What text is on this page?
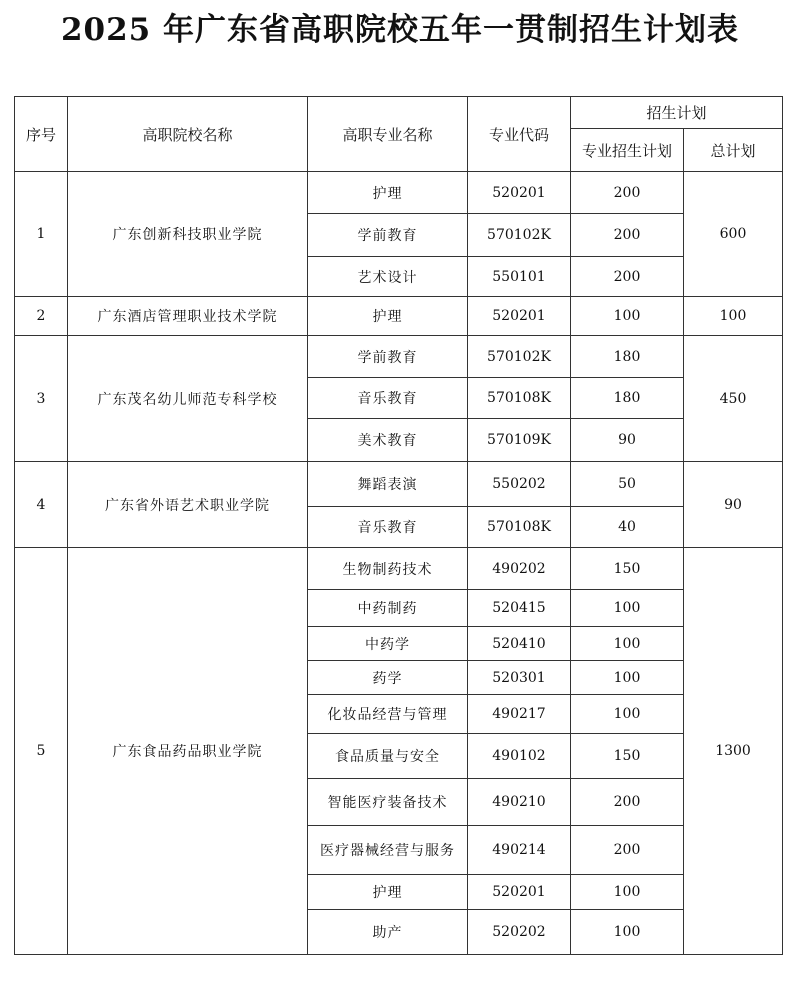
2025 年广东省高职院校五年一贯制招生计划表
序号	高职院校名称	高职专业名称	专业代码	招生计划	
				专业招生计划	总计划
1	广东创新科技职业学院	护理	520201	200	600
		学前教育	570102K	200	
		艺术设计	550101	200	
2	广东酒店管理职业技术学院	护理	520201	100	100
3	广东茂名幼儿师范专科学校	学前教育	570102K	180	450
		音乐教育	570108K	180	
		美术教育	570109K	90	
4	广东省外语艺术职业学院	舞蹈表演	550202	50	90
		音乐教育	570108K	40	
5	广东食品药品职业学院	生物制药技术	490202	150	1300
		中药制药	520415	100	
		中药学	520410	100	
		药学	520301	100	
		化妆品经营与管理	490217	100	
		食品质量与安全	490102	150	
		智能医疗装备技术	490210	200	
		医疗器械经营与服务	490214	200	
		护理	520201	100	
		助产	520202	100	
